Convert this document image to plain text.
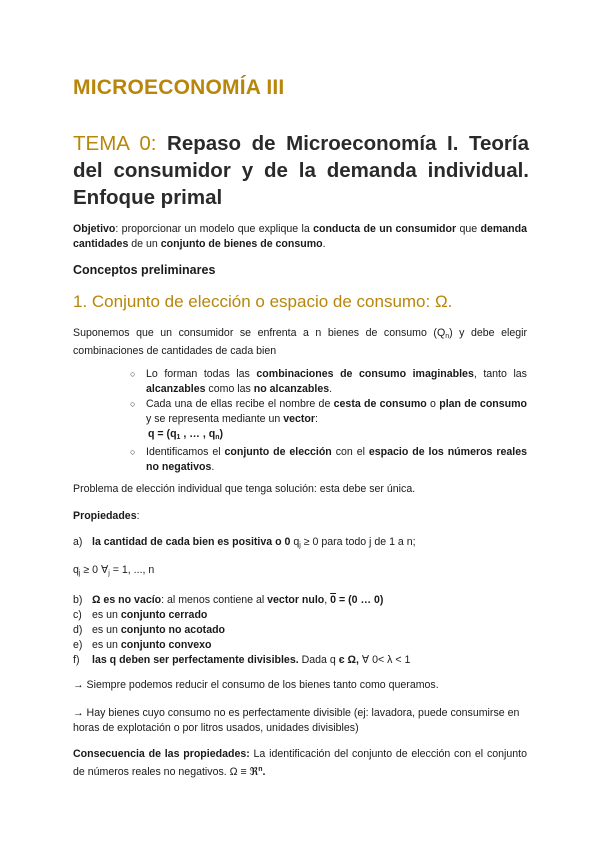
MICROECONOMÍA III
TEMA 0: Repaso de Microeconomía I. Teoría del consumidor y de la demanda individual. Enfoque primal

Objetivo: proporcionar un modelo que explique la conducta de un consumidor que demanda cantidades de un conjunto de bienes de consumo.

Conceptos preliminares
1. Conjunto de elección o espacio de consumo: Ω.

Suponemos que un consumidor se enfrenta a n bienes de consumo $(Q_n)$ y debe elegir combinaciones de cantidades de cada bien

○ Lo forman todas las combinaciones de consumo imaginables, tanto las alcanzables como las no alcanzables.
○ Cada una de ellas recibe el nombre de cesta de consumo o plan de consumo y se representa mediante un vector:
$q = (q_1$ , … , $q_n$)
○ Identificamos el conjunto de elección con el espacio de los números reales no negativos.

Problema de elección individual que tenga solución: esta debe ser única.

Propiedades:

a) la cantidad de cada bien es positiva o 0 $q_j \ge 0$ para todo j de 1 a n;

$q_j \ge 0$ $\forall_j = 1$, ..., n

b) Ω es no vacío: al menos contiene al vector nulo, 0 = (0 … 0)
c) es un conjunto cerrado
d) es un conjunto no acotado
e) es un conjunto convexo
f)	las q deben ser perfectamente divisibles. Dada q є Ω, ∀ 0< λ < 1

→ Siempre podemos reducir el consumo de los bienes tanto como queramos.

→ Hay bienes cuyo consumo no es perfectamente divisible (ej: lavadora, puede consumirse en horas de explotación o por litros usados, unidades divisibles)

Consecuencia de las propiedades: La identificación del conjunto de elección con el conjunto de números reales no negativos. Ω ≡ ℜ$^n$.
